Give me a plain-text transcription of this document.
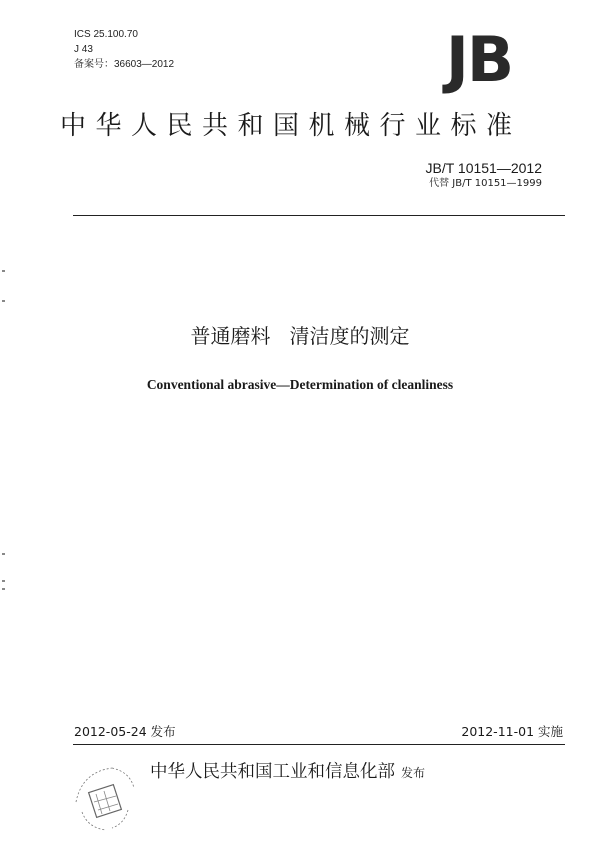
ICS 25.100.70
J 43
备案号：36603—2012	JB
中华人民共和国机械行业标准
JB/T 10151—2012
代替 JB/T 10151—1999
普通磨料   清洁度的测定
Conventional abrasive—Determination of cleanliness
2012-05-24 发布	2012-11-01 实施
中华人民共和国工业和信息化部 发布
